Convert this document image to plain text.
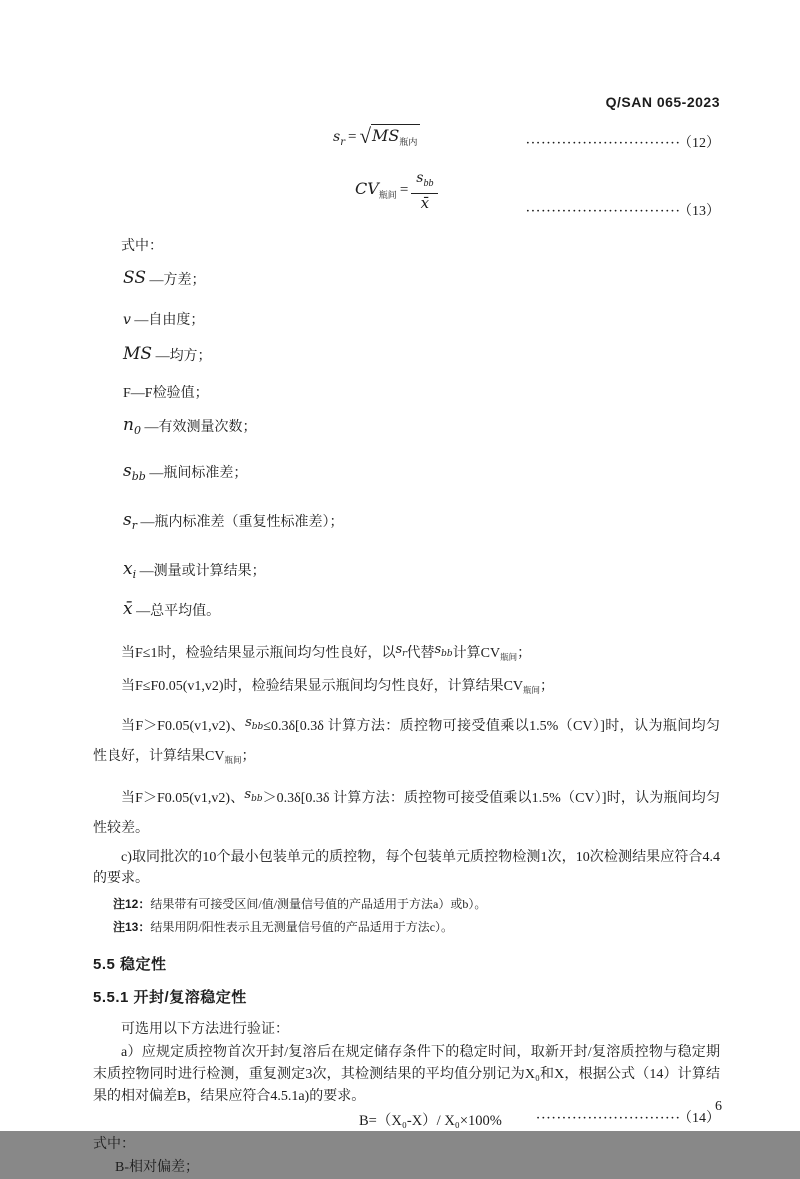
Q/SAN 065-2023
$s_r = √MS_{瓶内}$	······························ （12）
$CV_{瓶间} = \frac{s_{bb}}{x̄}$	······························ （13）
式中：
SS —方差；
v —自由度；
MS —均方；
F—F检验值；
$n_0$ —有效测量次数；
$s_{bb}$ —瓶间标准差；
$s_r$ —瓶内标准差（重复性标准差）；
$x_i$ —测量或计算结果；
x̄ —总平均值。
当F≤1时，检验结果显示瓶间均匀性良好，以$s_r$代替$s_{bb}$计算$CV_{瓶间}$；
当F≤F0.05(v1,v2)时，检验结果显示瓶间均匀性良好，计算结果$CV_{瓶间}$；
当F＞F0.05(v1,v2)、$s_{bb}\le 0.3\delta[0.3\delta$ 计算方法：质控物可接受值乘以1.5%（CV）]时，认为瓶间均匀性良好，计算结果$CV_{瓶间}$；
当F＞F0.05(v1,v2)、$s_{bb}>0.3\delta[0.3\delta$ 计算方法：质控物可接受值乘以1.5%（CV）]时，认为瓶间均匀性较差。
c)取同批次的10个最小包装单元的质控物，每个包装单元质控物检测1次，10次检测结果应符合4.4的要求。
注12：结果带有可接受区间/值/测量信号值的产品适用于方法a）或b）。
注13：结果用阴/阳性表示且无测量信号值的产品适用于方法c）。
5.5 稳定性
5.5.1 开封/复溶稳定性
可选用以下方法进行验证：
a）应规定质控物首次开封/复溶后在规定储存条件下的稳定时间，取新开封/复溶质控物与稳定期末质控物同时进行检测，重复测定3次，其检测结果的平均值分别记为X₀和X，根据公式（14）计算结果的相对偏差B，结果应符合4.5.1a)的要求。
B=（X₀-X）/ X₀×100%	···························· （14）
式中：
B-相对偏差；
6
